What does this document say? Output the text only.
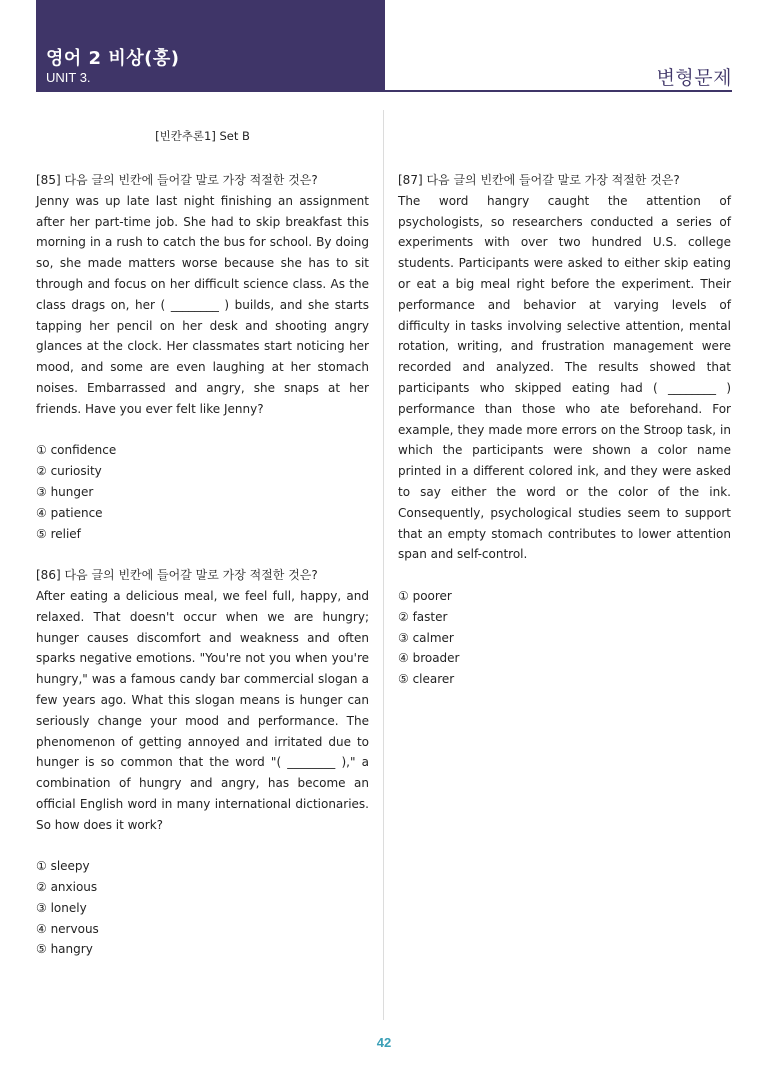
영어 2 비상(홍)
UNIT 3.	변형문제
[빈칸추론1] Set B

[85] 다음 글의 빈칸에 들어갈 말로 가장 적절한 것은?

Jenny was up late last night finishing an assignment after her part-time job. She had to skip breakfast this morning in a rush to catch the bus for school. By doing so, she made matters worse because she has to sit through and focus on her difficult science class. As the class drags on, her ( ________ ) builds, and she starts tapping her pencil on her desk and shooting angry glances at the clock. Her classmates start noticing her mood, and some are even laughing at her stomach noises. Embarrassed and angry, she snaps at her friends. Have you ever felt like Jenny?

① confidence
② curiosity
③ hunger
④ patience
⑤ relief

[86] 다음 글의 빈칸에 들어갈 말로 가장 적절한 것은?

After eating a delicious meal, we feel full, happy, and relaxed. That doesn't occur when we are hungry; hunger causes discomfort and weakness and often sparks negative emotions. "You're not you when you're hungry," was a famous candy bar commercial slogan a few years ago. What this slogan means is hunger can seriously change your mood and performance. The phenomenon of getting annoyed and irritated due to hunger is so common that the word "( ________ )," a combination of hungry and angry, has become an official English word in many international dictionaries. So how does it work?

① sleepy
② anxious
③ lonely
④ nervous
⑤ hangry

[87] 다음 글의 빈칸에 들어갈 말로 가장 적절한 것은?

The word hangry caught the attention of psychologists, so researchers conducted a series of experiments with over two hundred U.S. college students. Participants were asked to either skip eating or eat a big meal right before the experiment. Their performance and behavior at varying levels of difficulty in tasks involving selective attention, mental rotation, writing, and frustration management were recorded and analyzed. The results showed that participants who skipped eating had ( ________ ) performance than those who ate beforehand. For example, they made more errors on the Stroop task, in which the participants were shown a color name printed in a different colored ink, and they were asked to say either the word or the color of the ink. Consequently, psychological studies seem to support that an empty stomach contributes to lower attention span and self-control.

① poorer
② faster
③ calmer
④ broader
⑤ clearer
42
